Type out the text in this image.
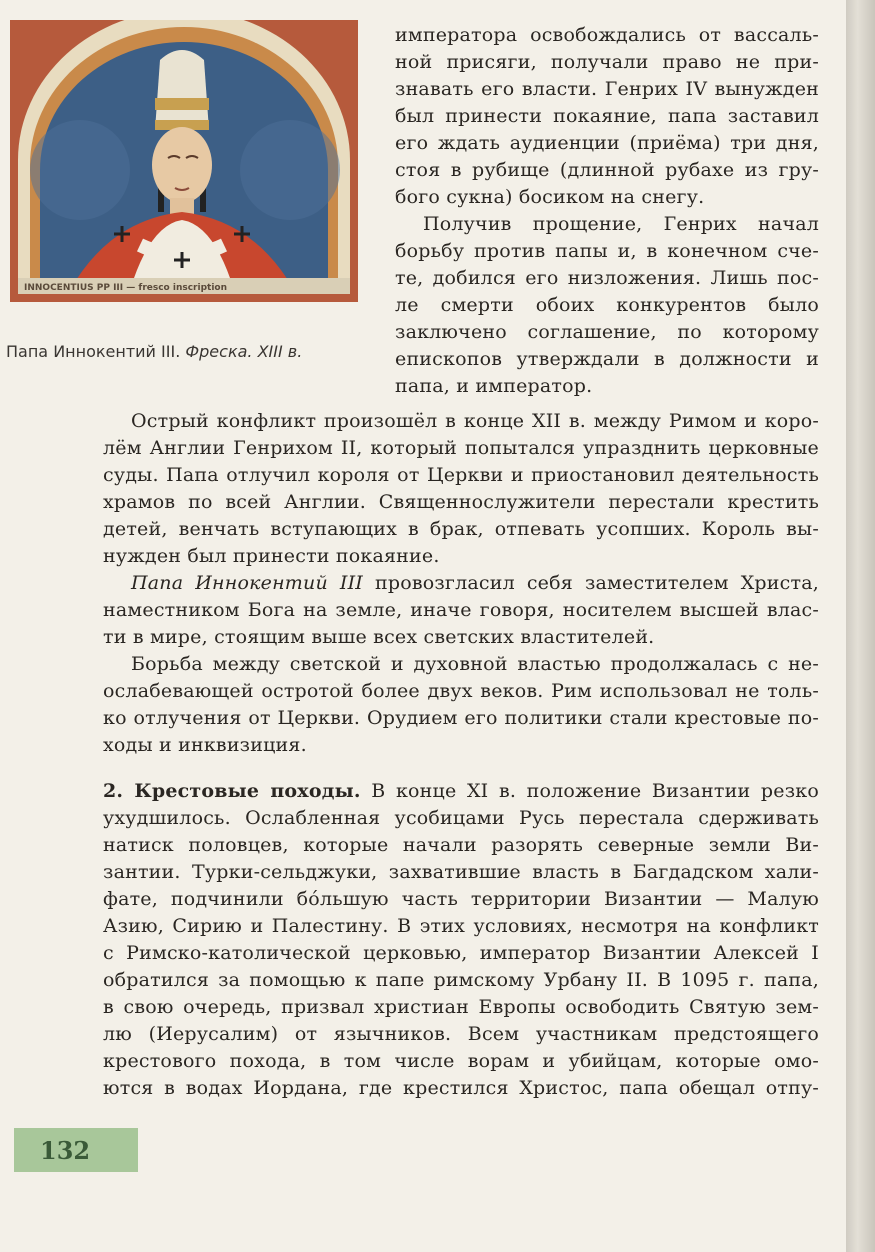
INNOCENTIUS PP III — fresco inscription
Папа Иннокентий III. Фреска. XIII в.
императора освобождались от вассаль-
ной присяги, получали право не при-
знавать его власти. Генрих IV вынужден
был принести покаяние, папа заставил
его ждать аудиенции (приёма) три дня,
стоя в рубище (длинной рубахе из гру-
бого сукна) босиком на снегу.
Получив прощение, Генрих начал
борьбу против папы и, в конечном сче-
те, добился его низложения. Лишь пос-
ле смерти обоих конкурентов было
заключено соглашение, по которому
епископов утверждали в должности и
папа, и император.
Острый конфликт произошёл в конце XII в. между Римом и коро-
лём Англии Генрихом II, который попытался упразднить церковные
суды. Папа отлучил короля от Церкви и приостановил деятельность
храмов по всей Англии. Священнослужители перестали крестить
детей, венчать вступающих в брак, отпевать усопших. Король вы-
нужден был принести покаяние.
Папа Иннокентий III провозгласил себя заместителем Христа,
наместником Бога на земле, иначе говоря, носителем высшей влас-
ти в мире, стоящим выше всех светских властителей.
Борьба между светской и духовной властью продолжалась с не-
ослабевающей остротой более двух веков. Рим использовал не толь-
ко отлучения от Церкви. Орудием его политики стали крестовые по-
ходы и инквизиция.
2. Крестовые походы. В конце XI в. положение Византии резко
ухудшилось. Ослабленная усобицами Русь перестала сдерживать
натиск половцев, которые начали разорять северные земли Ви-
зантии. Турки-сельджуки, захватившие власть в Багдадском хали-
фате, подчинили бо́льшую часть территории Византии — Малую
Азию, Сирию и Палестину. В этих условиях, несмотря на конфликт
с Римско-католической церковью, император Византии Алексей I
обратился за помощью к папе римскому Урбану II. В 1095 г. папа,
в свою очередь, призвал христиан Европы освободить Святую зем-
лю (Иерусалим) от язычников. Всем участникам предстоящего
крестового похода, в том числе ворам и убийцам, которые омо-
ются в водах Иордана, где крестился Христос, папа обещал отпу-
132
